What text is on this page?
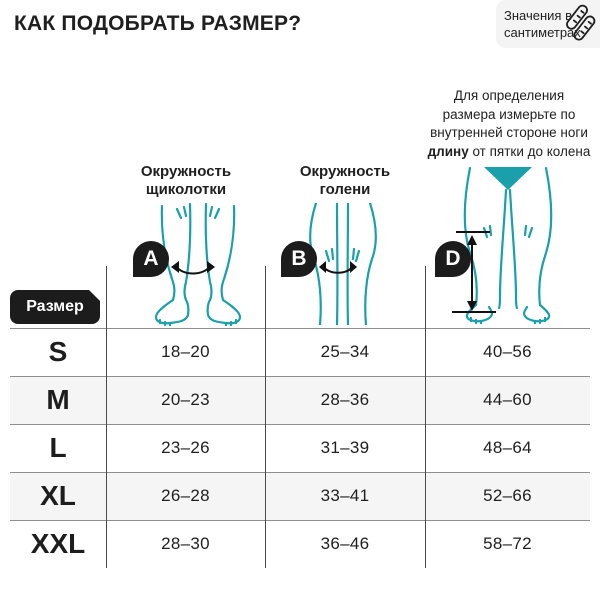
КАК ПОДОБРАТЬ РАЗМЕР?	Значения в
сантиметрах
Окружность щиколотки
Окружность голени
Для определения
размера измерьте по
внутренней стороне ноги
длину от пятки до колена
A	B	D
Размер
S	18–20	25–34	40–56
M	20–23	28–36	44–60
L	23–26	31–39	48–64
XL	26–28	33–41	52–66
XXL	28–30	36–46	58–72
